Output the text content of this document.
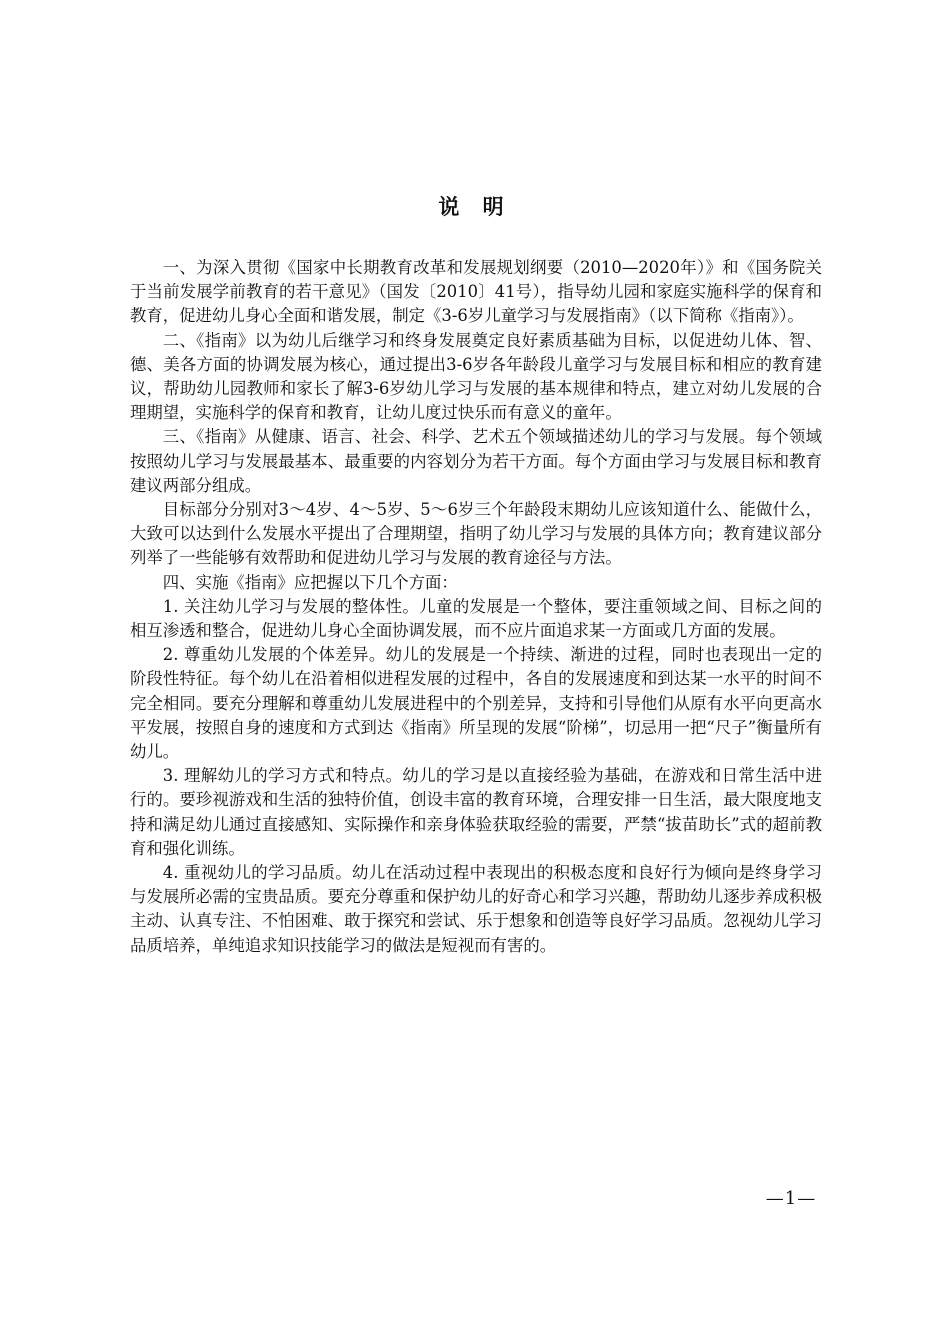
说 明

一、为深入贯彻《国家中长期教育改革和发展规划纲要（2010—2020年）》和《国务院关于当前发展学前教育的若干意见》（国发〔2010〕41号），指导幼儿园和家庭实施科学的保育和教育，促进幼儿身心全面和谐发展，制定《3-6岁儿童学习与发展指南》（以下简称《指南》）。

二、《指南》以为幼儿后继学习和终身发展奠定良好素质基础为目标，以促进幼儿体、智、德、美各方面的协调发展为核心，通过提出3-6岁各年龄段儿童学习与发展目标和相应的教育建议，帮助幼儿园教师和家长了解3-6岁幼儿学习与发展的基本规律和特点，建立对幼儿发展的合理期望，实施科学的保育和教育，让幼儿度过快乐而有意义的童年。

三、《指南》从健康、语言、社会、科学、艺术五个领域描述幼儿的学习与发展。每个领域按照幼儿学习与发展最基本、最重要的内容划分为若干方面。每个方面由学习与发展目标和教育建议两部分组成。

目标部分分别对3～4岁、4～5岁、5～6岁三个年龄段末期幼儿应该知道什么、能做什么，大致可以达到什么发展水平提出了合理期望，指明了幼儿学习与发展的具体方向；教育建议部分列举了一些能够有效帮助和促进幼儿学习与发展的教育途径与方法。

四、实施《指南》应把握以下几个方面：

1. 关注幼儿学习与发展的整体性。儿童的发展是一个整体，要注重领域之间、目标之间的相互渗透和整合，促进幼儿身心全面协调发展，而不应片面追求某一方面或几方面的发展。

2. 尊重幼儿发展的个体差异。幼儿的发展是一个持续、渐进的过程，同时也表现出一定的阶段性特征。每个幼儿在沿着相似进程发展的过程中，各自的发展速度和到达某一水平的时间不完全相同。要充分理解和尊重幼儿发展进程中的个别差异，支持和引导他们从原有水平向更高水平发展，按照自身的速度和方式到达《指南》所呈现的发展“阶梯”，切忌用一把“尺子”衡量所有幼儿。

3. 理解幼儿的学习方式和特点。幼儿的学习是以直接经验为基础，在游戏和日常生活中进行的。要珍视游戏和生活的独特价值，创设丰富的教育环境，合理安排一日生活，最大限度地支持和满足幼儿通过直接感知、实际操作和亲身体验获取经验的需要，严禁“拔苗助长”式的超前教育和强化训练。

4. 重视幼儿的学习品质。幼儿在活动过程中表现出的积极态度和良好行为倾向是终身学习与发展所必需的宝贵品质。要充分尊重和保护幼儿的好奇心和学习兴趣，帮助幼儿逐步养成积极主动、认真专注、不怕困难、敢于探究和尝试、乐于想象和创造等良好学习品质。忽视幼儿学习品质培养，单纯追求知识技能学习的做法是短视而有害的。

—1—
